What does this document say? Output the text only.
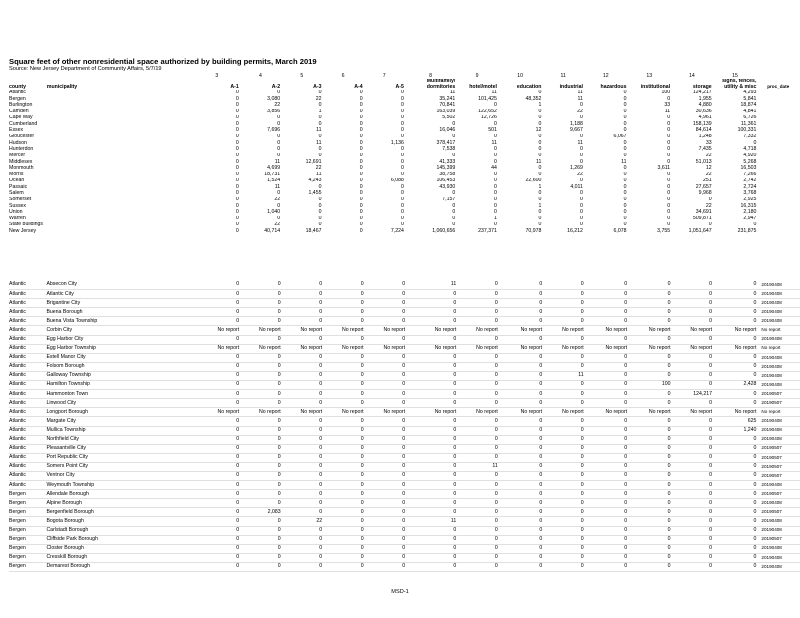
Square feet of other nonresidential space authorized by building permits, March 2019
Source: New Jersey Department of Community Affairs, 5/7/19
		3	4	5	6	7	8	9	10	11	12	13	14	15	
county	municipality	A-1	A-2	A-3	A-4	A-5	Multifamily/
dormitories	hotel/motel	education	industrial	hazardous	institutional	storage	signs, fences,
utility & misc	proc_date
Atlantic		0	0	0	0	0	11	11	0	11	0	100	124,217	4,293	
Bergen		0	3,080	22	0	0	35,241	101,425	48,352	11	0	0	1,955	5,841	
Burlington		0	22	0	0	0	70,841	0	1	0	0	33	4,880	18,874	
Camden		0	3,856	1	0	0	163,039	122,652	0	22	0	11	30,636	4,841	
Cape May		0	0	0	0	0	5,502	12,726	0	0	0	0	4,961	6,726	
Cumberland		0	0	0	0	0	0	0	0	1,188	0	0	158,139	11,361	
Essex		0	7,696	11	0	0	16,046	501	12	9,667	0	0	84,614	100,331	
Gloucester		0	0	0	0	0	0	0	0	0	6,067	0	1,248	7,332	
Hudson		0	0	11	0	1,136	378,417	11	0	11	0	0	33	0	
Hunterdon		0	0	0	0	0	7,538	0	0	0	0	0	7,435	4,718	
Mercer		0	0	0	0	0	0	0	0	0	0	0	22	4,920	
Middlesex		0	11	12,691	0	0	41,333	0	11	0	11	0	51,013	5,268	
Monmouth		0	4,699	22	0	0	145,399	44	0	1,269	0	3,611	12	16,503	
Morris		0	18,731	11	0	0	38,758	0	0	22	0	0	22	7,266	
Ocean		0	1,524	4,243	0	6,088	106,453	0	22,600	0	0	0	251	2,742	
Passaic		0	11	0	0	0	43,930	0	1	4,011	0	0	27,657	2,724	
Salem		0	0	1,455	0	0	0	0	0	0	0	0	9,968	3,768	
Somerset		0	22	0	0	0	7,157	0	0	0	0	0	0	2,925	
Sussex		0	0	0	0	0	0	0	1	0	0	0	22	16,315	
Union		0	1,040	0	0	0	0	0	0	0	0	0	34,691	2,180	
Warren		0	0	0	0	0	0	1	0	0	0	0	509,871	2,947	
State buildings		0	22	0	0	0	0	0	0	0	0	0	0	0	
New Jersey		0	40,714	18,467	0	7,224	1,060,656	237,371	70,978	16,212	6,078	3,755	1,051,647	231,875	
Atlantic	Absecon City	0	0	0	0	0	11	0	0	0	0	0	0	0	20190408
Atlantic	Atlantic City	0	0	0	0	0	0	0	0	0	0	0	0	0	20190408
Atlantic	Brigantine City	0	0	0	0	0	0	0	0	0	0	0	0	0	20190408
Atlantic	Buena Borough	0	0	0	0	0	0	0	0	0	0	0	0	0	20190408
Atlantic	Buena Vista Township	0	0	0	0	0	0	0	0	0	0	0	0	0	20190408
Atlantic	Corbin City	No report	No report	No report	No report	No report	No report	No report	No report	No report	No report	No report	No report	No report	No report
Atlantic	Egg Harbor City	0	0	0	0	0	0	0	0	0	0	0	0	0	20190408
Atlantic	Egg Harbor Township	No report	No report	No report	No report	No report	No report	No report	No report	No report	No report	No report	No report	No report	No report
Atlantic	Estell Manor City	0	0	0	0	0	0	0	0	0	0	0	0	0	20190408
Atlantic	Folsom Borough	0	0	0	0	0	0	0	0	0	0	0	0	0	20190408
Atlantic	Galloway Township	0	0	0	0	0	0	0	0	11	0	0	0	0	20190408
Atlantic	Hamilton Township	0	0	0	0	0	0	0	0	0	0	100	0	2,428	20190408
Atlantic	Hammonton Town	0	0	0	0	0	0	0	0	0	0	0	124,217	0	20190507
Atlantic	Linwood City	0	0	0	0	0	0	0	0	0	0	0	0	0	20190507
Atlantic	Longport Borough	No report	No report	No report	No report	No report	No report	No report	No report	No report	No report	No report	No report	No report	No report
Atlantic	Margate City	0	0	0	0	0	0	0	0	0	0	0	0	625	20190408
Atlantic	Mullica Township	0	0	0	0	0	0	0	0	0	0	0	0	1,240	20190408
Atlantic	Northfield City	0	0	0	0	0	0	0	0	0	0	0	0	0	20190408
Atlantic	Pleasantville City	0	0	0	0	0	0	0	0	0	0	0	0	0	20190507
Atlantic	Port Republic City	0	0	0	0	0	0	0	0	0	0	0	0	0	20190507
Atlantic	Somers Point City	0	0	0	0	0	0	11	0	0	0	0	0	0	20190507
Atlantic	Ventnor City	0	0	0	0	0	0	0	0	0	0	0	0	0	20190507
Atlantic	Weymouth Township	0	0	0	0	0	0	0	0	0	0	0	0	0	20190408
Bergen	Allendale Borough	0	0	0	0	0	0	0	0	0	0	0	0	0	20190507
Bergen	Alpine Borough	0	0	0	0	0	0	0	0	0	0	0	0	0	20190408
Bergen	Bergenfield Borough	0	2,083	0	0	0	0	0	0	0	0	0	0	0	20190507
Bergen	Bogota Borough	0	0	22	0	0	11	0	0	0	0	0	0	0	20190408
Bergen	Carlstadt Borough	0	0	0	0	0	0	0	0	0	0	0	0	0	20190408
Bergen	Cliffside Park Borough	0	0	0	0	0	0	0	0	0	0	0	0	0	20190507
Bergen	Closter Borough	0	0	0	0	0	0	0	0	0	0	0	0	0	20190408
Bergen	Cresskill Borough	0	0	0	0	0	0	0	0	0	0	0	0	0	20190408
Bergen	Demarest Borough	0	0	0	0	0	0	0	0	0	0	0	0	0	20190408
MSD-1
